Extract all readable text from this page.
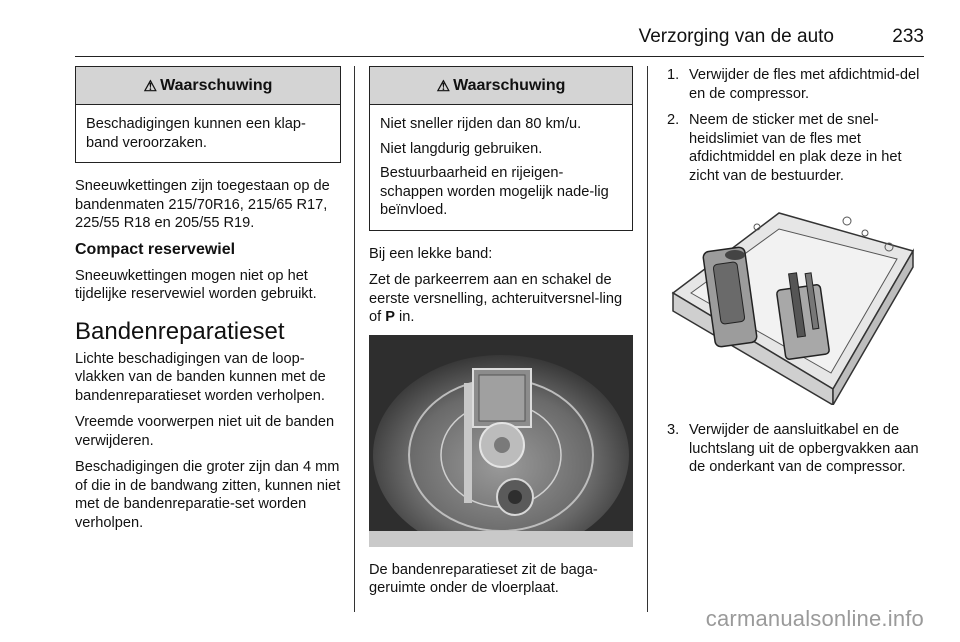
Verzorging van de auto	233
⚠ Waarschuwing

Beschadigingen kunnen een klap-band veroorzaken.

Sneeuwkettingen zijn toegestaan op de bandenmaten 215/70R16, 215/65 R17, 225/55 R18 en 205/55 R19.

Compact reservewiel

Sneeuwkettingen mogen niet op het tijdelijke reservewiel worden gebruikt.

Bandenreparatieset

Lichte beschadigingen van de loop-vlakken van de banden kunnen met de bandenreparatieset worden verholpen.

Vreemde voorwerpen niet uit de banden verwijderen.

Beschadigingen die groter zijn dan 4 mm of die in de bandwang zitten, kunnen niet met de bandenreparatie-set worden verholpen.

⚠ Waarschuwing

Niet sneller rijden dan 80 km/u.

Niet langdurig gebruiken.

Bestuurbaarheid en rijeigen-schappen worden mogelijk nade-lig beïnvloed.

Bij een lekke band:

Zet de parkeerrem aan en schakel de eerste versnelling, achteruitversnel-ling of P in.

De bandenreparatieset zit de baga-geruimte onder de vloerplaat.

1. Verwijder de fles met afdichtmid-del en de compressor.
2. Neem de sticker met de snel-heidslimiet van de fles met afdichtmiddel en plak deze in het zicht van de bestuurder.
3. Verwijder de aansluitkabel en de luchtslang uit de opbergvakken aan de onderkant van de compressor.
carmanualsonline.info
